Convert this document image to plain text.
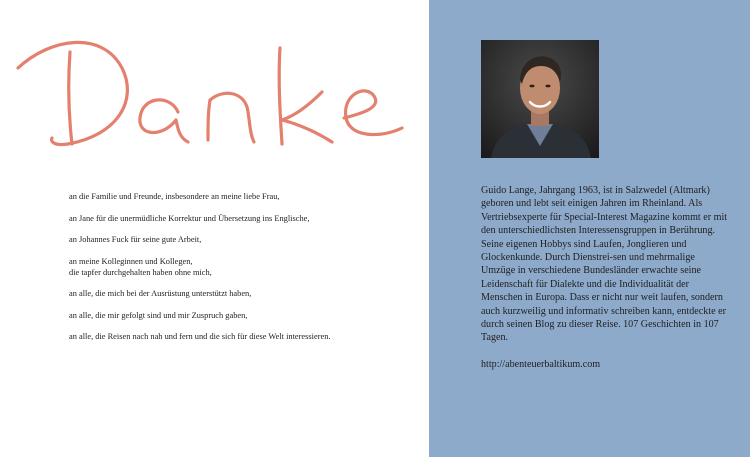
an die Familie und Freunde, insbesondere an meine liebe Frau,

an Jane für die unermüdliche Korrektur und Übersetzung ins Englische,

an Johannes Fuck für seine gute Arbeit,

an meine Kolleginnen und Kollegen,
die tapfer durchgehalten haben ohne mich,

an alle, die mich bei der Ausrüstung unterstützt haben,

an alle, die mir gefolgt sind und mir Zuspruch gaben,

an alle, die Reisen nach nah und fern und die sich für diese Welt interessieren.

Guido Lange, Jahrgang 1963, ist in Salzwedel (Altmark) geboren und lebt seit einigen Jahren im Rheinland. Als Vertriebsexperte für Special-Interest Magazine kommt er mit den unterschiedlichsten Interessensgruppen in Berührung. Seine eigenen Hobbys sind Laufen, Jonglieren und Glockenkunde. Durch Dienstrei-sen und mehrmalige Umzüge in verschiedene Bundesländer erwachte seine Leidenschaft für Dialekte und die Individualität der Menschen in Europa. Dass er nicht nur weit laufen, sondern auch kurzweilig und informativ schreiben kann, entdeckte er durch seinen Blog zu dieser Reise. 107 Geschichten in 107 Tagen.

http://abenteuerbaltikum.com
